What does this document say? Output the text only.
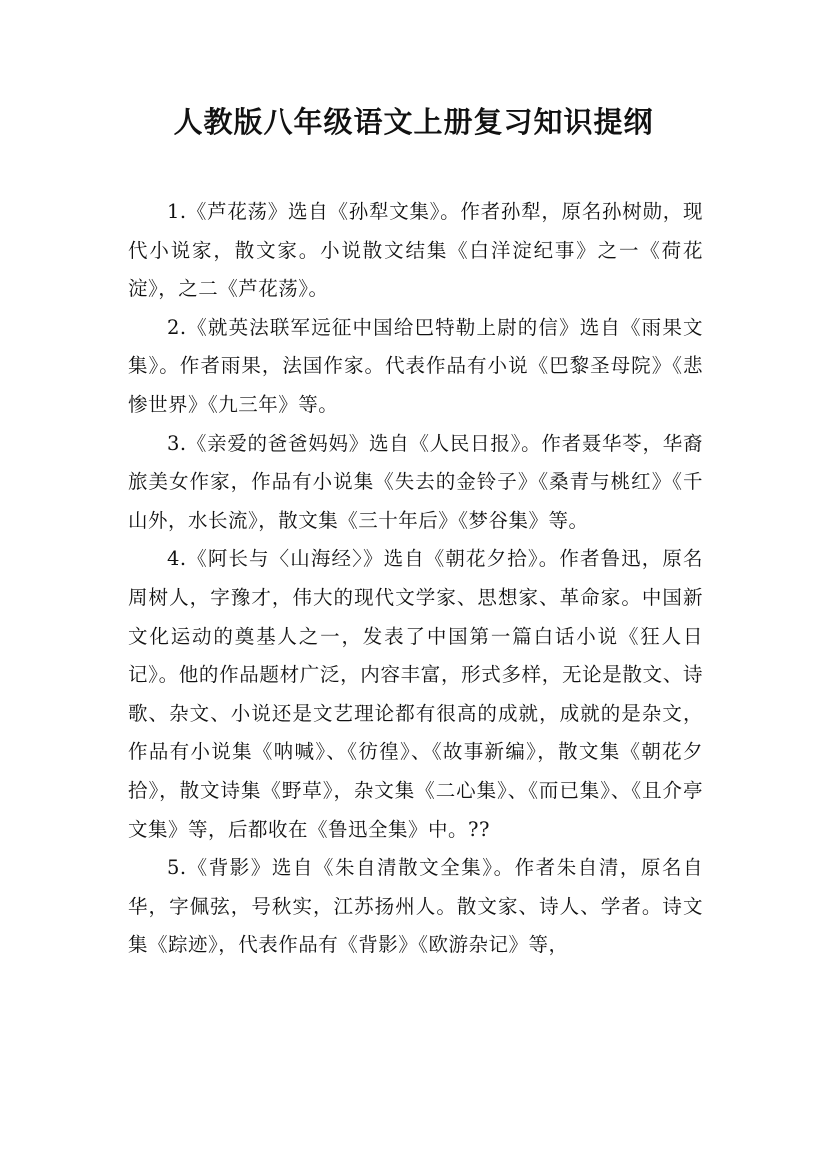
人教版八年级语文上册复习知识提纲

1.《芦花荡》选自《孙犁文集》。作者孙犁，原名孙树勋，现代小说家，散文家。小说散文结集《白洋淀纪事》之一《荷花淀》，之二《芦花荡》。

2.《就英法联军远征中国给巴特勒上尉的信》选自《雨果文集》。作者雨果，法国作家。代表作品有小说《巴黎圣母院》《悲惨世界》《九三年》等。

3.《亲爱的爸爸妈妈》选自《人民日报》。作者聂华苓，华裔旅美女作家，作品有小说集《失去的金铃子》《桑青与桃红》《千山外，水长流》，散文集《三十年后》《梦谷集》等。

4.《阿长与〈山海经〉》选自《朝花夕拾》。作者鲁迅，原名周树人，字豫才，伟大的现代文学家、思想家、革命家。中国新文化运动的奠基人之一，发表了中国第一篇白话小说《狂人日记》。他的作品题材广泛，内容丰富，形式多样，无论是散文、诗歌、杂文、小说还是文艺理论都有很高的成就，成就的是杂文，作品有小说集《呐喊》、《彷徨》、《故事新编》，散文集《朝花夕拾》，散文诗集《野草》，杂文集《二心集》、《而已集》、《且介亭文集》等，后都收在《鲁迅全集》中。??

5.《背影》选自《朱自清散文全集》。作者朱自清，原名自华，字佩弦，号秋实，江苏扬州人。散文家、诗人、学者。诗文集《踪迹》，代表作品有《背影》《欧游杂记》等，
